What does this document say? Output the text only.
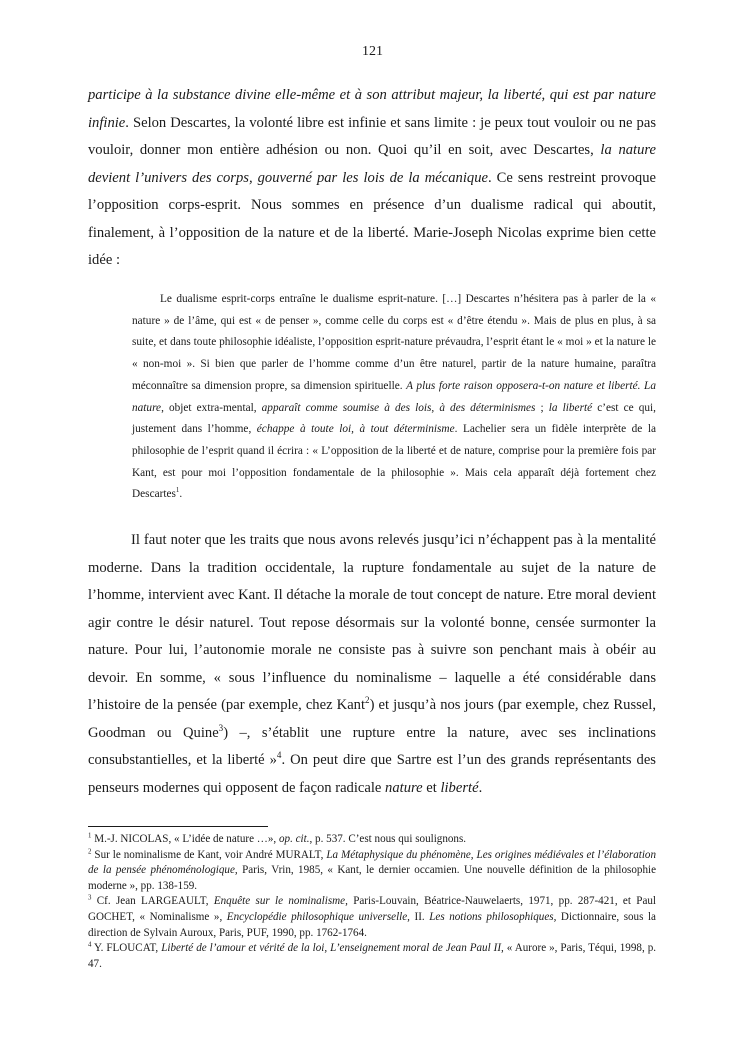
121

participe à la substance divine elle-même et à son attribut majeur, la liberté, qui est par nature infinie. Selon Descartes, la volonté libre est infinie et sans limite : je peux tout vouloir ou ne pas vouloir, donner mon entière adhésion ou non. Quoi qu’il en soit, avec Descartes, la nature devient l’univers des corps, gouverné par les lois de la mécanique. Ce sens restreint provoque l’opposition corps-esprit. Nous sommes en présence d’un dualisme radical qui aboutit, finalement, à l’opposition de la nature et de la liberté. Marie-Joseph Nicolas exprime bien cette idée :

Le dualisme esprit-corps entraîne le dualisme esprit-nature. […] Descartes n’hésitera pas à parler de la « nature » de l’âme, qui est « de penser », comme celle du corps est « d’être étendu ». Mais de plus en plus, à sa suite, et dans toute philosophie idéaliste, l’opposition esprit-nature prévaudra, l’esprit étant le « moi » et la nature le « non-moi ». Si bien que parler de l’homme comme d’un être naturel, partir de la nature humaine, paraîtra méconnaître sa dimension propre, sa dimension spirituelle. A plus forte raison opposera-t-on nature et liberté. La nature, objet extra-mental, apparaît comme soumise à des lois, à des déterminismes ; la liberté c’est ce qui, justement dans l’homme, échappe à toute loi, à tout déterminisme. Lachelier sera un fidèle interprète de la philosophie de l’esprit quand il écrira : « L’opposition de la liberté et de nature, comprise pour la première fois par Kant, est pour moi l’opposition fondamentale de la philosophie ». Mais cela apparaît déjà fortement chez Descartes$^1$.

Il faut noter que les traits que nous avons relevés jusqu’ici n’échappent pas à la mentalité moderne. Dans la tradition occidentale, la rupture fondamentale au sujet de la nature de l’homme, intervient avec Kant. Il détache la morale de tout concept de nature. Etre moral devient agir contre le désir naturel. Tout repose désormais sur la volonté bonne, censée surmonter la nature. Pour lui, l’autonomie morale ne consiste pas à suivre son penchant mais à obéir au devoir. En somme, « sous l’influence du nominalisme – laquelle a été considérable dans l’histoire de la pensée (par exemple, chez Kant$^2$) et jusqu’à nos jours (par exemple, chez Russel, Goodman ou Quine$^3$) –, s’établit une rupture entre la nature, avec ses inclinations consubstantielles, et la liberté »$^4$. On peut dire que Sartre est l’un des grands représentants des penseurs modernes qui opposent de façon radicale nature et liberté.

$^1$ M.-J. NICOLAS, « L’idée de nature …», op. cit., p. 537. C’est nous qui soulignons.

$^2$ Sur le nominalisme de Kant, voir André MURALT, La Métaphysique du phénomène, Les origines médiévales et l’élaboration de la pensée phénoménologique, Paris, Vrin, 1985, « Kant, le dernier occamien. Une nouvelle définition de la philosophie moderne », pp. 138-159.

$^3$ Cf. Jean LARGEAULT, Enquête sur le nominalisme, Paris-Louvain, Béatrice-Nauwelaerts, 1971, pp. 287-421, et Paul GOCHET, « Nominalisme », Encyclopédie philosophique universelle, II. Les notions philosophiques, Dictionnaire, sous la direction de Sylvain Auroux, Paris, PUF, 1990, pp. 1762-1764.

$^4$ Y. FLOUCAT, Liberté de l’amour et vérité de la loi, L’enseignement moral de Jean Paul II, « Aurore », Paris, Téqui, 1998, p. 47.
